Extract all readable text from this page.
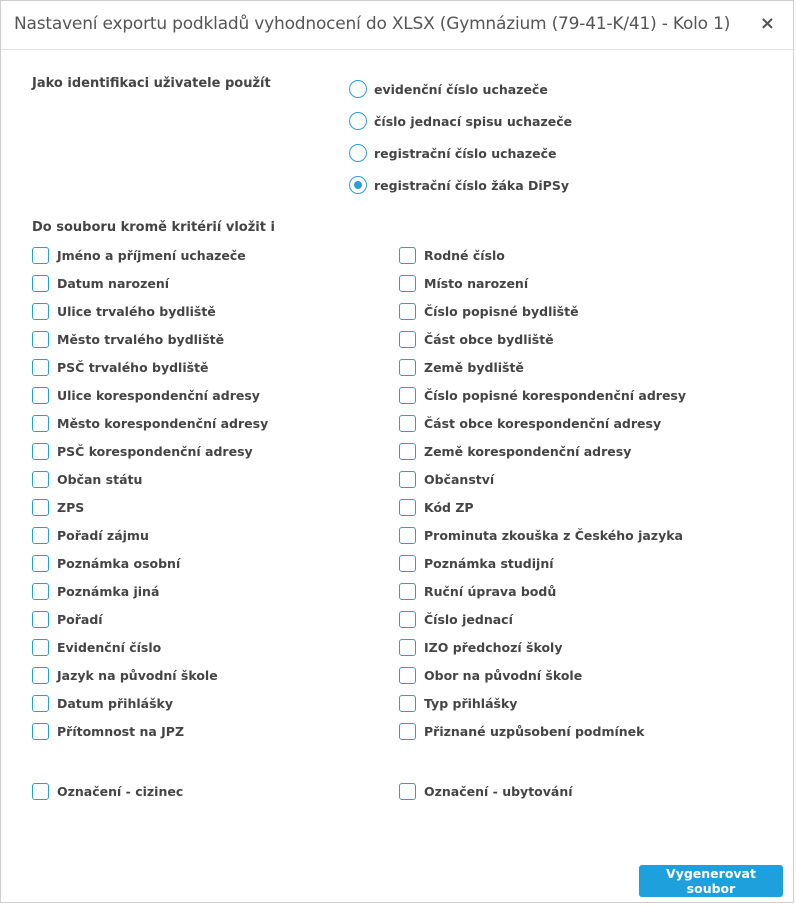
Nastavení exportu podkladů vyhodnocení do XLSX (Gymnázium (79-41-K/41) - Kolo 1) ×
Jako identifikaci uživatele použít	evidenční číslo uchazeče
číslo jednací spisu uchazeče
registrační číslo uchazeče
registrační číslo žáka DiPSy
Do souboru kromě kritérií vložit i
Jméno a příjmení uchazeče
Datum narození
Ulice trvalého bydliště
Město trvalého bydliště
PSČ trvalého bydliště
Ulice korespondenční adresy
Město korespondenční adresy
PSČ korespondenční adresy
Občan státu
ZPS
Pořadí zájmu
Poznámka osobní
Poznámka jiná
Pořadí
Evidenční číslo
Jazyk na původní škole
Datum přihlášky
Přítomnost na JPZ
Rodné číslo
Místo narození
Číslo popisné bydliště
Část obce bydliště
Země bydliště
Číslo popisné korespondenční adresy
Část obce korespondenční adresy
Země korespondenční adresy
Občanství
Kód ZP
Prominuta zkouška z Českého jazyka
Poznámka studijní
Ruční úprava bodů
Číslo jednací
IZO předchozí školy
Obor na původní škole
Typ přihlášky
Přiznané uzpůsobení podmínek
Označení - cizinec	Označení - ubytování
Vygenerovat soubor
